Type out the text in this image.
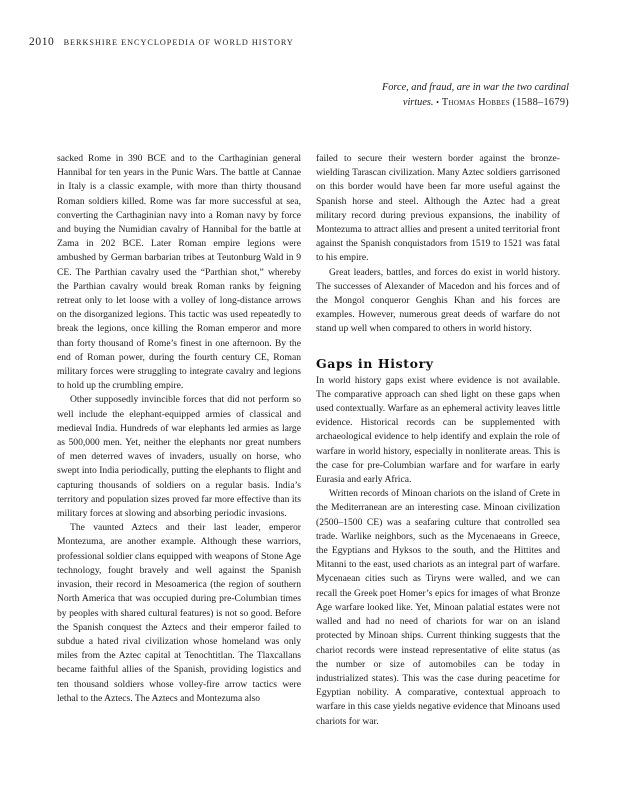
2010 BERKSHIRE ENCYCLOPEDIA OF WORLD HISTORY
Force, and fraud, are in war the two cardinal
virtues. • Thomas Hobbes (1588–1679)

sacked Rome in 390 BCE and to the Carthaginian general Hannibal for ten years in the Punic Wars. The battle at Cannae in Italy is a classic example, with more than thirty thousand Roman soldiers killed. Rome was far more successful at sea, converting the Carthaginian navy into a Roman navy by force and buying the Numidian cavalry of Hannibal for the battle at Zama in 202 BCE. Later Roman empire legions were ambushed by German barbarian tribes at Teutonburg Wald in 9 CE. The Parthian cavalry used the “Parthian shot,” whereby the Parthian cavalry would break Roman ranks by feigning retreat only to let loose with a volley of long-distance arrows on the disorganized legions. This tactic was used repeatedly to break the legions, once killing the Roman emperor and more than forty thousand of Rome’s finest in one afternoon. By the end of Roman power, during the fourth century CE, Roman military forces were struggling to integrate cavalry and legions to hold up the crumbling empire.

Other supposedly invincible forces that did not perform so well include the elephant-equipped armies of classical and medieval India. Hundreds of war elephants led armies as large as 500,000 men. Yet, neither the elephants nor great numbers of men deterred waves of invaders, usually on horse, who swept into India periodically, putting the elephants to flight and capturing thousands of soldiers on a regular basis. India’s territory and population sizes proved far more effective than its military forces at slowing and absorbing periodic invasions.

The vaunted Aztecs and their last leader, emperor Montezuma, are another example. Although these warriors, professional soldier clans equipped with weapons of Stone Age technology, fought bravely and well against the Spanish invasion, their record in Mesoamerica (the region of southern North America that was occupied during pre-Columbian times by peoples with shared cultural features) is not so good. Before the Spanish conquest the Aztecs and their emperor failed to subdue a hated rival civilization whose homeland was only miles from the Aztec capital at Tenochtitlan. The Tlaxcallans became faithful allies of the Spanish, providing logistics and ten thousand soldiers whose volley-fire arrow tactics were lethal to the Aztecs. The Aztecs and Montezuma also

failed to secure their western border against the bronze-wielding Tarascan civilization. Many Aztec soldiers garrisoned on this border would have been far more useful against the Spanish horse and steel. Although the Aztec had a great military record during previous expansions, the inability of Montezuma to attract allies and present a united territorial front against the Spanish conquistadors from 1519 to 1521 was fatal to his empire.

Great leaders, battles, and forces do exist in world history. The successes of Alexander of Macedon and his forces and of the Mongol conqueror Genghis Khan and his forces are examples. However, numerous great deeds of warfare do not stand up well when compared to others in world history.

Gaps in History

In world history gaps exist where evidence is not available. The comparative approach can shed light on these gaps when used contextually. Warfare as an ephemeral activity leaves little evidence. Historical records can be supplemented with archaeological evidence to help identify and explain the role of warfare in world history, especially in nonliterate areas. This is the case for pre-Columbian warfare and for warfare in early Eurasia and early Africa.

Written records of Minoan chariots on the island of Crete in the Mediterranean are an interesting case. Minoan civilization (2500–1500 CE) was a seafaring culture that controlled sea trade. Warlike neighbors, such as the Mycenaeans in Greece, the Egyptians and Hyksos to the south, and the Hittites and Mitanni to the east, used chariots as an integral part of warfare. Mycenaean cities such as Tiryns were walled, and we can recall the Greek poet Homer’s epics for images of what Bronze Age warfare looked like. Yet, Minoan palatial estates were not walled and had no need of chariots for war on an island protected by Minoan ships. Current thinking suggests that the chariot records were instead representative of elite status (as the number or size of automobiles can be today in industrialized states). This was the case during peacetime for Egyptian nobility. A comparative, contextual approach to warfare in this case yields negative evidence that Minoans used chariots for war.
